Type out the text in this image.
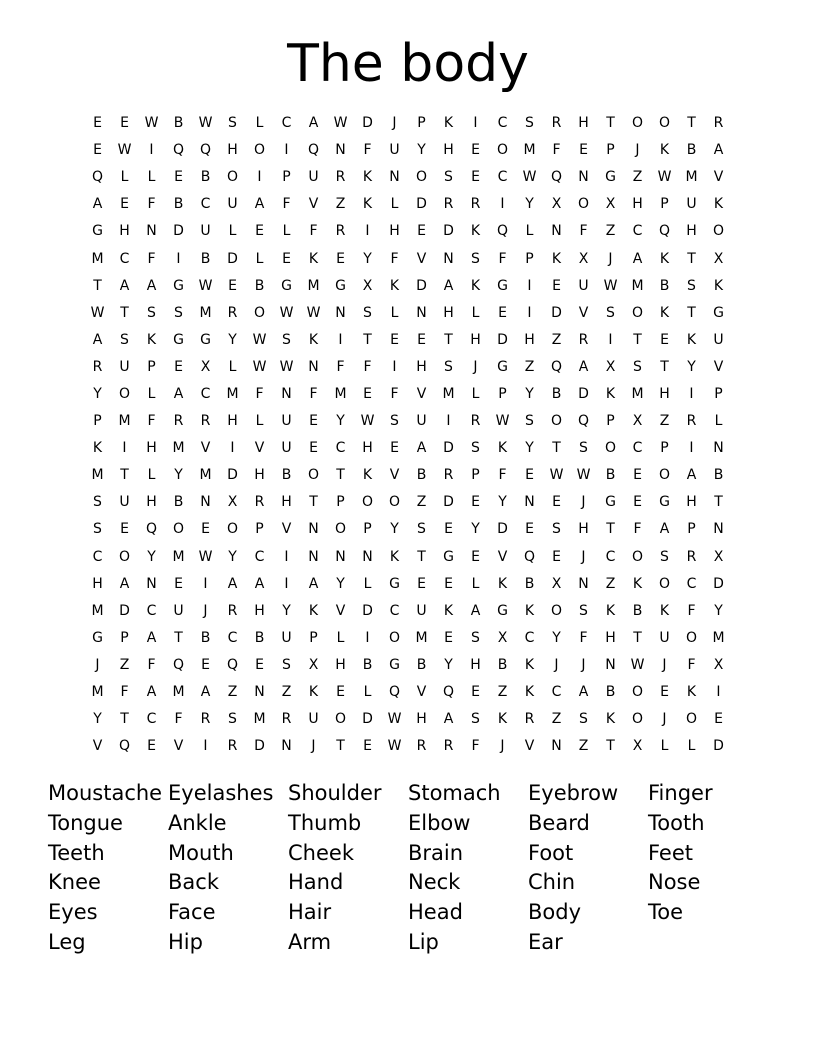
The body
E	E	W	B	W	S	L	C	A	W	D	J	P	K	I	C	S	R	H	T	O	O	T	R
E	W	I	Q	Q	H	O	I	Q	N	F	U	Y	H	E	O	M	F	E	P	J	K	B	A
Q	L	L	E	B	O	I	P	U	R	K	N	O	S	E	C	W	Q	N	G	Z	W	M	V
A	E	F	B	C	U	A	F	V	Z	K	L	D	R	R	I	Y	X	O	X	H	P	U	K
G	H	N	D	U	L	E	L	F	R	I	H	E	D	K	Q	L	N	F	Z	C	Q	H	O
M	C	F	I	B	D	L	E	K	E	Y	F	V	N	S	F	P	K	X	J	A	K	T	X
T	A	A	G	W	E	B	G	M	G	X	K	D	A	K	G	I	E	U	W	M	B	S	K
W	T	S	S	M	R	O	W W	N	S	L	N	H	L	E	I	D	V	S	O	K	T	G
A	S	K	G	G	Y	W	S	K	I	T	E	E	T	H	D	H	Z	R	I	T	E	K	U
R	U	P	E	X	L	W W	N	F	F	I	H	S	J	G	Z	Q	A	X	S	T	Y	V
Y	O	L	A	C	M	F	N	F	M	E	F	V	M	L	P	Y	B	D	K	M	H	I	P
P	M	F	R	R	H	L	U	E	Y	W	S	U	I	R	W	S	O	Q	P	X	Z	R	L
K	I	H	M	V	I	V	U	E	C	H	E	A	D	S	K	Y	T	S	O	C	P	I	N
M	T	L	Y	M	D	H	B	O	T	K	V	B	R	P	F	E	W W	B	E	O	A	B
S	U	H	B	N	X	R	H	T	P	O	O	Z	D	E	Y	N	E	J	G	E	G	H	T
S	E	Q	O	E	O	P	V	N	O	P	Y	S	E	Y	D	E	S	H	T	F	A	P	N
C	O	Y	M	W	Y	C	I	N	N	N	K	T	G	E	V	Q	E	J	C	O	S	R	X
H	A	N	E	I	A	A	I	A	Y	L	G	E	E	L	K	B	X	N	Z	K	O	C	D
M	D	C	U	J	R	H	Y	K	V	D	C	U	K	A	G	K	O	S	K	B	K	F	Y
G	P	A	T	B	C	B	U	P	L	I	O	M	E	S	X	C	Y	F	H	T	U	O	M
J	Z	F	Q	E	Q	E	S	X	H	B	G	B	Y	H	B	K	J	J	N	W	J	F	X
M	F	A	M	A	Z	N	Z	K	E	L	Q	V	Q	E	Z	K	C	A	B	O	E	K	I
Y	T	C	F	R	S	M	R	U	O	D	W	H	A	S	K	R	Z	S	K	O	J	O	E
V	Q	E	V	I	R	D	N	J	T	E	W	R	R	F	J	V	N	Z	T	X	L	L	D
Moustache Eyelashes Shoulder	Stomach	Eyebrow	Finger
Tongue	Ankle	Thumb	Elbow	Beard	Tooth
Teeth	Mouth	Cheek	Brain	Foot	Feet
Knee	Back	Hand	Neck	Chin	Nose
Eyes	Face	Hair	Head	Body	Toe
Leg	Hip	Arm	Lip	Ear
